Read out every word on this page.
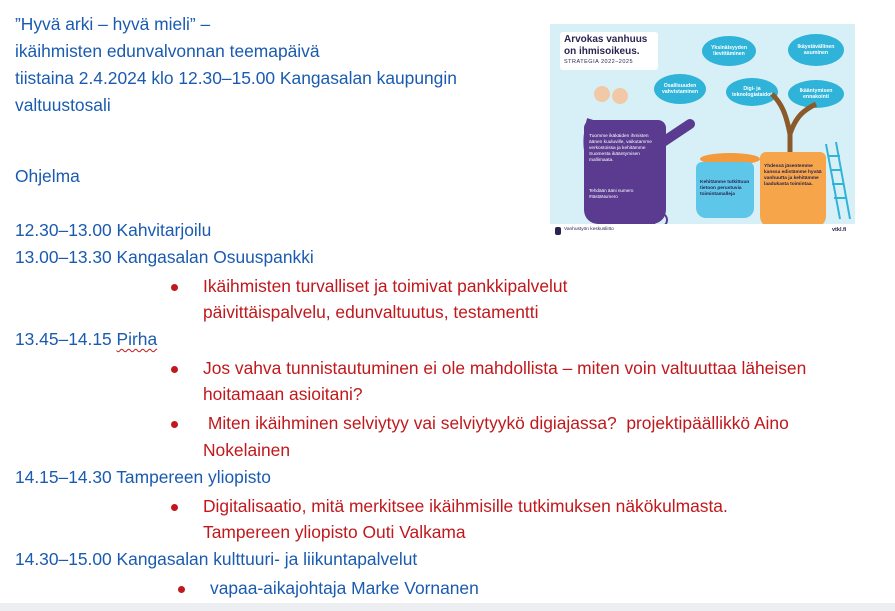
”Hyvä arki – hyvä mieli” –
ikäihmisten edunvalvonnan teemapäivä
tiistaina 2.4.2024 klo 12.30–15.00 Kangasalan kaupungin
valtuustosali
Ohjelma
12.30–13.00 Kahvitarjoilu
13.00–13.30 Kangasalan Osuuspankki
Ikäihmisten turvalliset ja toimivat pankkipalvelut
päivittäispalvelu, edunvaltuutus, testamentti
13.45–14.15 Pirha
Jos vahva tunnistautuminen ei ole mahdollista – miten voin valtuuttaa läheisen
hoitamaan asioitani?
Miten ikäihminen selviytyy vai selviytyykö digiajassa?  projektipäällikkö Aino
Nokelainen
14.15–14.30 Tampereen yliopisto
Digitalisaatio, mitä merkitsee ikäihmisille tutkimuksen näkökulmasta.
Tampereen yliopisto Outi Valkama
14.30–15.00 Kangasalan kulttuuri- ja liikuntapalvelut
vapaa-aikajohtaja Marke Vornanen
Arvokas vanhuus
on ihmisoikeus.
STRATEGIA 2022–2025
Yksinäisyyden lievittäminen
Ikäystävällinen asuminen
Osallisuuden vahvistaminen	Digi- ja teknologiataidot
Ikääntymisen ennakointi
Tuomme ikäkäiden ihmisten äänen kuuluville, vaikutamme verkostoissa ja kehitämme Suomesta ikääntymisen mallimaata.
Tehdään ääni numero #IästäNumero
Kehitämme tutkittuun tietoon perustuvia toimintamalleja
Yhdessä jäsentemme kanssa edistämme hyvää vanhuutta ja kehitämme laadukasta toimintaa.
Vanhustyön keskusliitto	vtkl.fi
